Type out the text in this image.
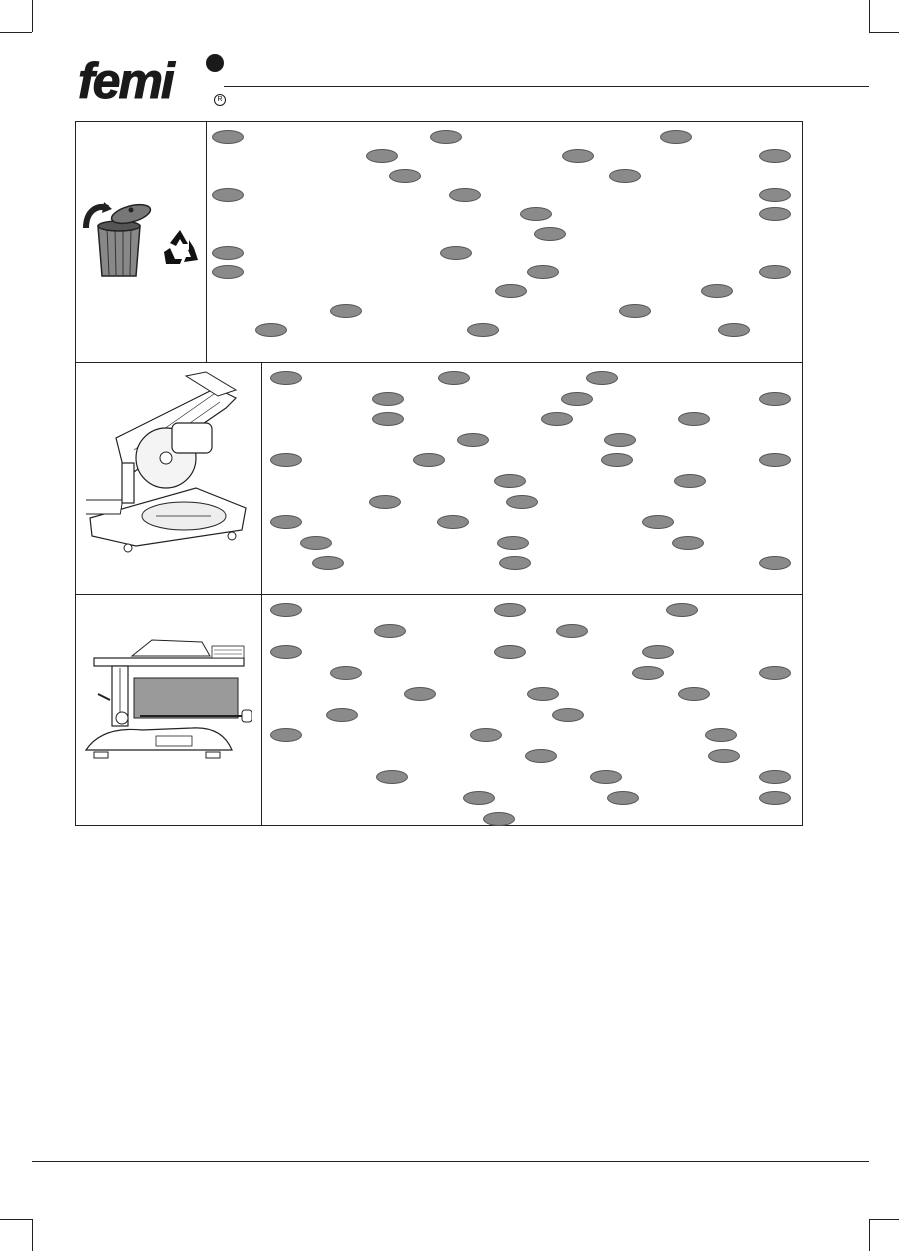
femi	R
